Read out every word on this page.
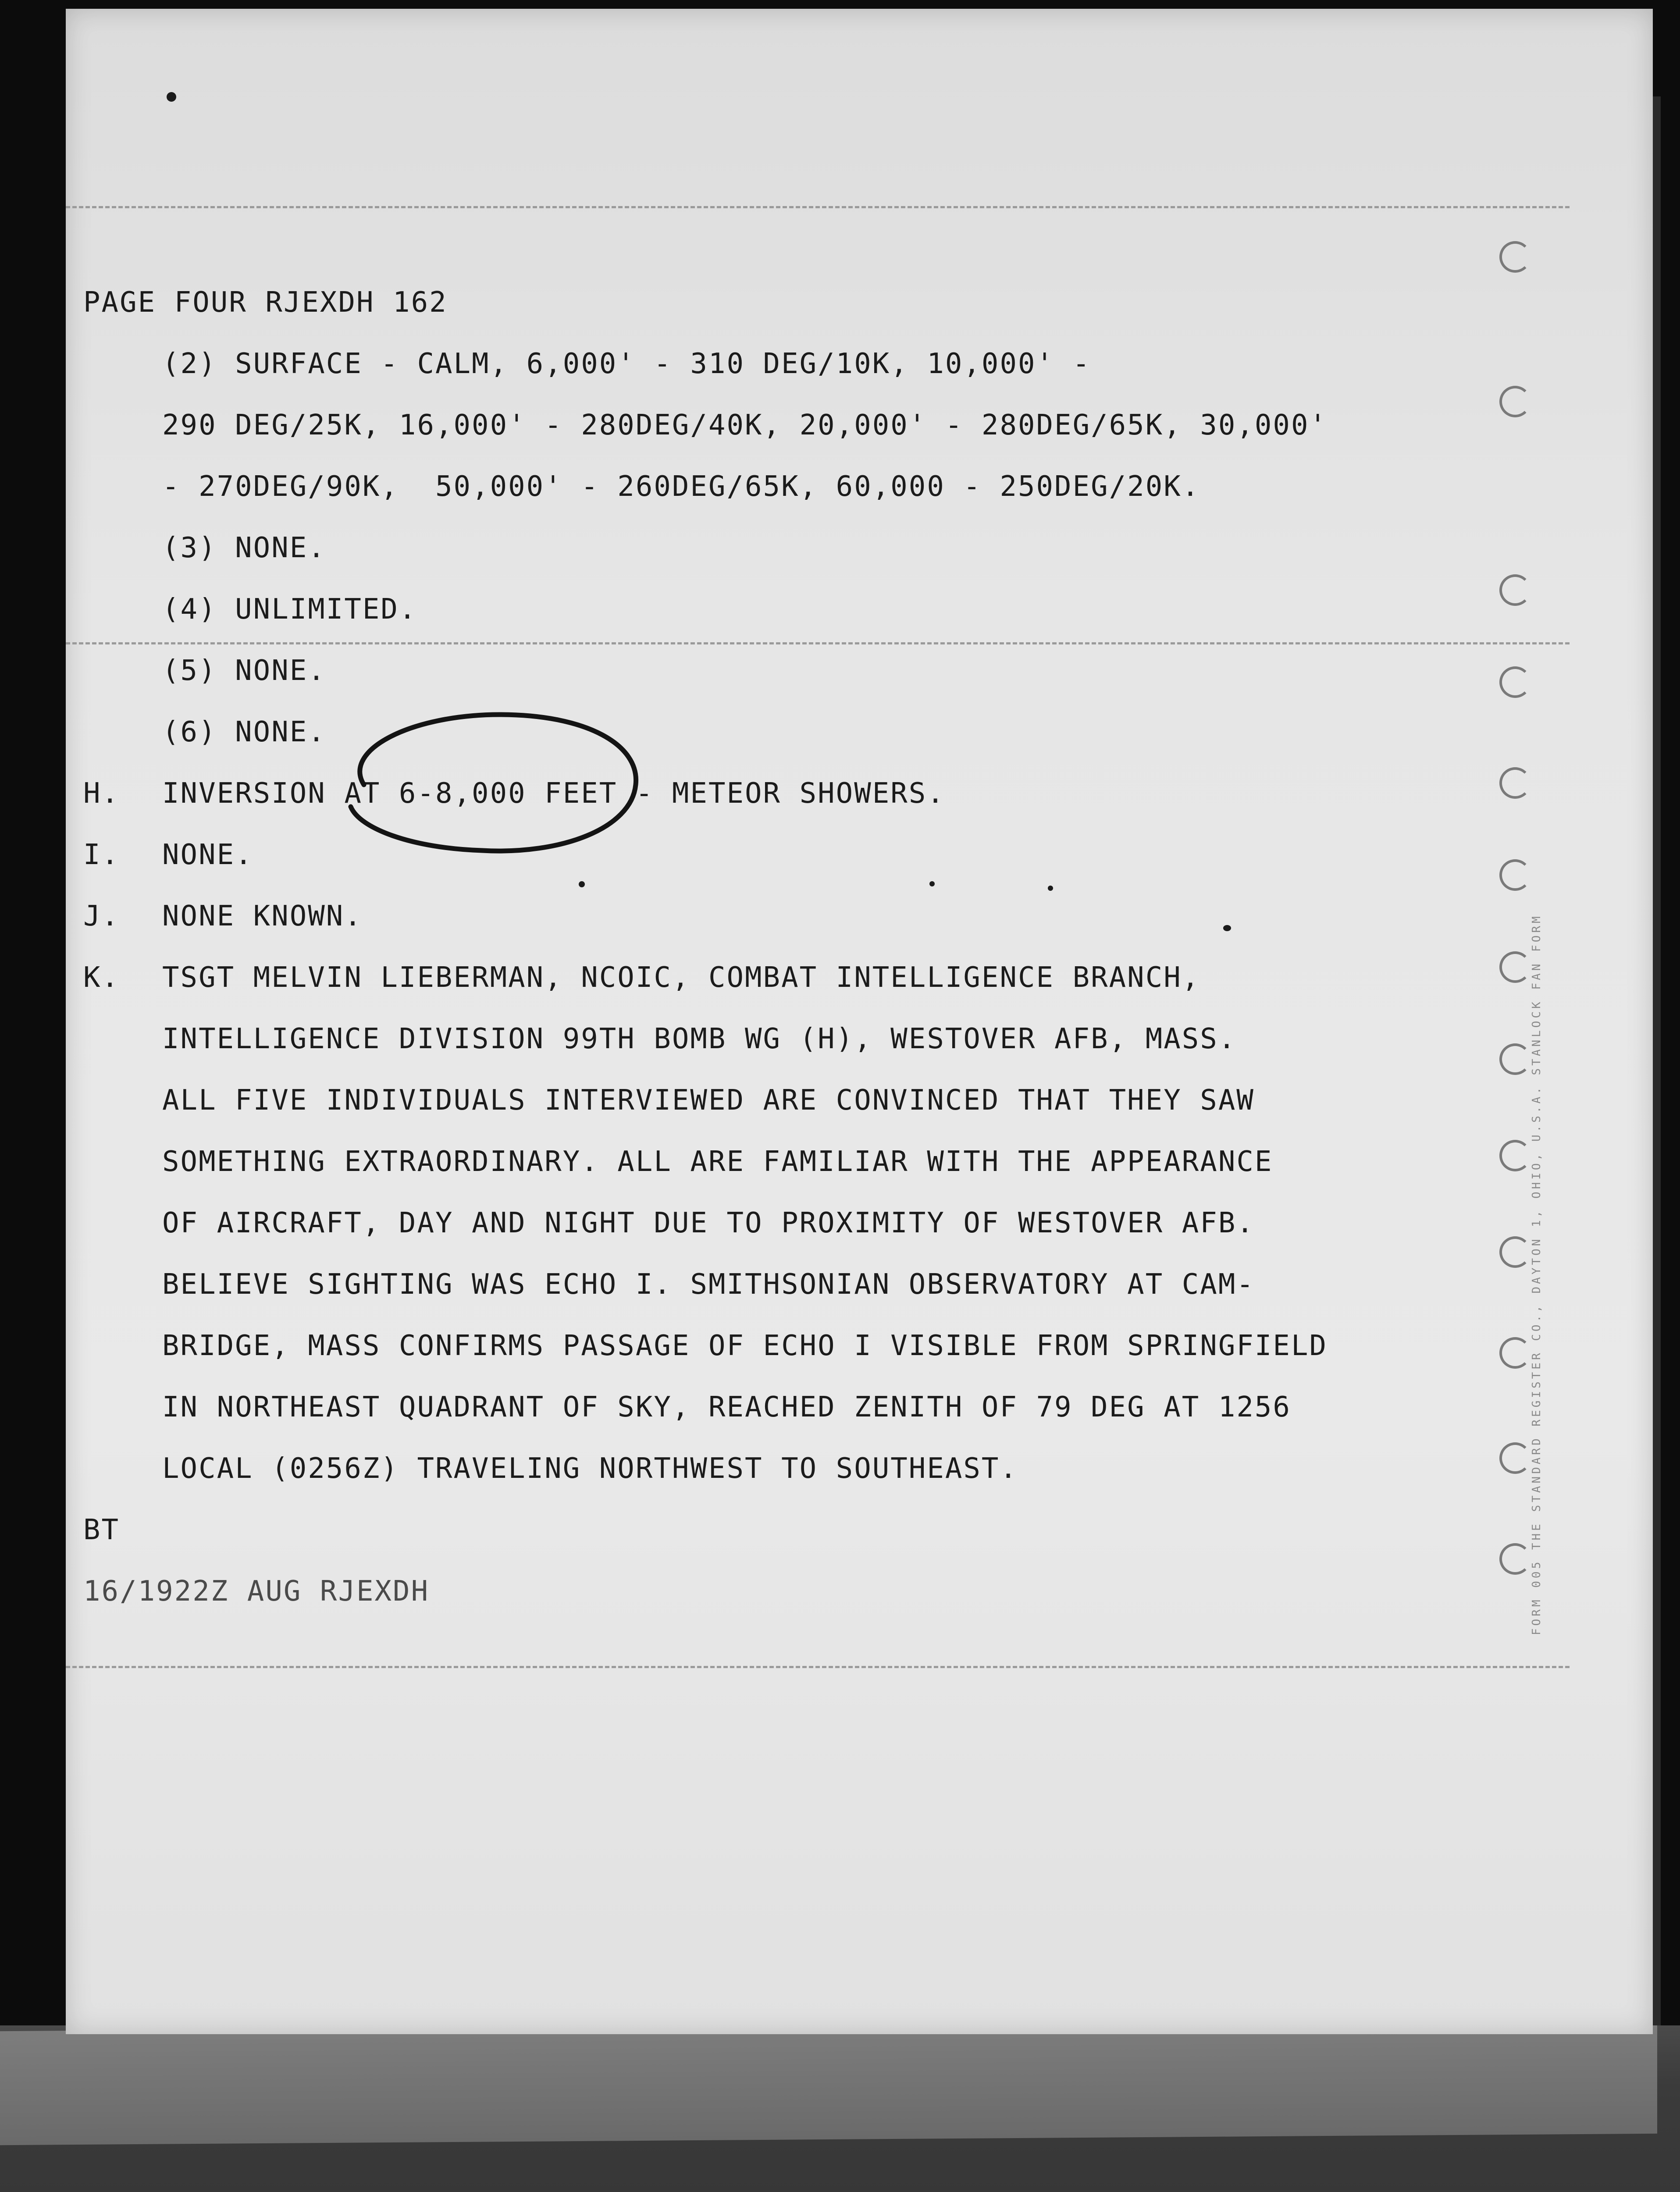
FORM 005 THE STANDARD REGISTER CO., DAYTON 1, OHIO, U.S.A. STANLOCK FAN FORM
PAGE FOUR RJEXDH 162
(2) SURFACE - CALM, 6,000' - 310 DEG/10K, 10,000' -
290 DEG/25K, 16,000' - 280DEG/40K, 20,000' - 280DEG/65K, 30,000'
- 270DEG/90K,  50,000' - 260DEG/65K, 60,000 - 250DEG/20K.
(3) NONE.
(4) UNLIMITED.
(5) NONE.
(6) NONE.
H. INVERSION AT 6-8,000 FEET - METEOR SHOWERS.
I. NONE.
J. NONE KNOWN.
K. TSGT MELVIN LIEBERMAN, NCOIC, COMBAT INTELLIGENCE BRANCH,
INTELLIGENCE DIVISION 99TH BOMB WG (H), WESTOVER AFB, MASS.
ALL FIVE INDIVIDUALS INTERVIEWED ARE CONVINCED THAT THEY SAW
SOMETHING EXTRAORDINARY. ALL ARE FAMILIAR WITH THE APPEARANCE
OF AIRCRAFT, DAY AND NIGHT DUE TO PROXIMITY OF WESTOVER AFB.
BELIEVE SIGHTING WAS ECHO I. SMITHSONIAN OBSERVATORY AT CAM-
BRIDGE, MASS CONFIRMS PASSAGE OF ECHO I VISIBLE FROM SPRINGFIELD
IN NORTHEAST QUADRANT OF SKY, REACHED ZENITH OF 79 DEG AT 1256
LOCAL (0256Z) TRAVELING NORTHWEST TO SOUTHEAST.
BT
16/1922Z AUG RJEXDH
